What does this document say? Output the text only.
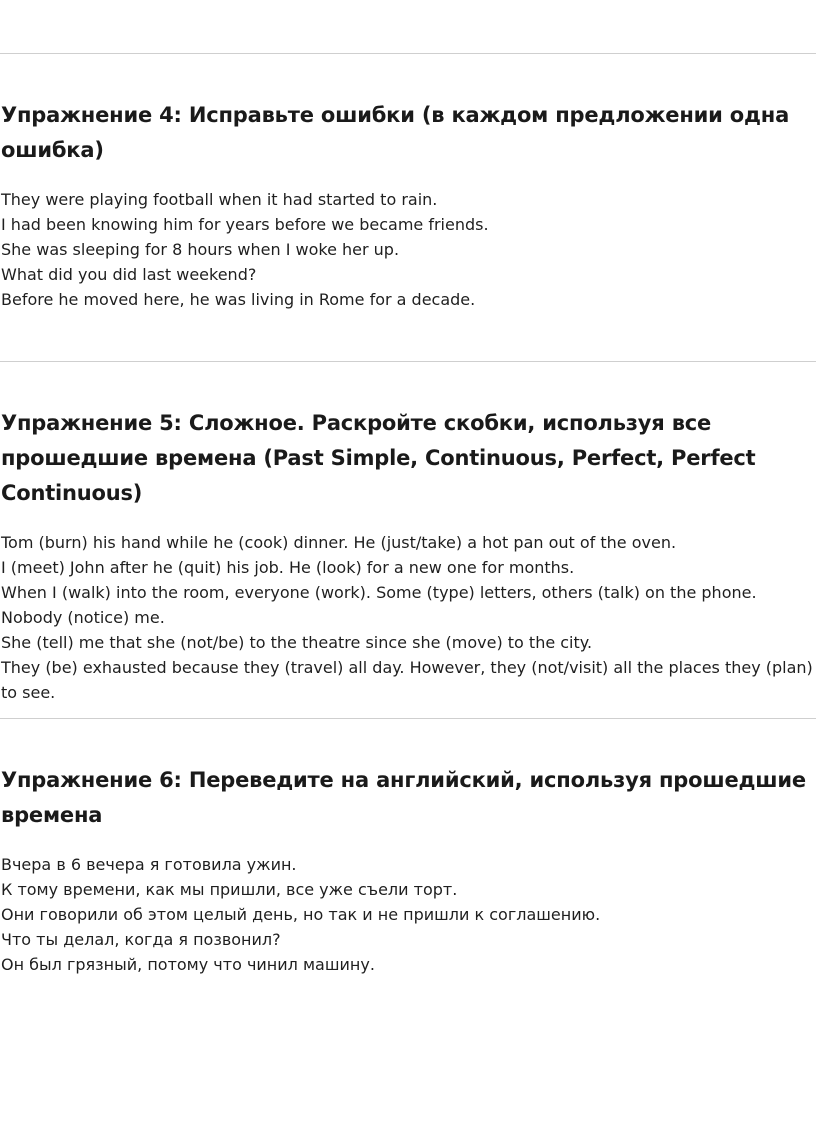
Упражнение 4: Исправьте ошибки (в каждом предложении одна ошибка)
They were playing football when it had started to rain.
I had been knowing him for years before we became friends.
She was sleeping for 8 hours when I woke her up.
What did you did last weekend?
Before he moved here, he was living in Rome for a decade.
Упражнение 5: Сложное. Раскройте скобки, используя все прошедшие времена (Past Simple, Continuous, Perfect, Perfect Continuous)
Tom (burn) his hand while he (cook) dinner. He (just/take) a hot pan out of the oven.
I (meet) John after he (quit) his job. He (look) for a new one for months.
When I (walk) into the room, everyone (work). Some (type) letters, others (talk) on the phone.
Nobody (notice) me.
She (tell) me that she (not/be) to the theatre since she (move) to the city.
They (be) exhausted because they (travel) all day. However, they (not/visit) all the places they (plan) to see.
Упражнение 6: Переведите на английский, используя прошедшие времена
Вчера в 6 вечера я готовила ужин.
К тому времени, как мы пришли, все уже съели торт.
Они говорили об этом целый день, но так и не пришли к соглашению.
Что ты делал, когда я позвонил?
Он был грязный, потому что чинил машину.
